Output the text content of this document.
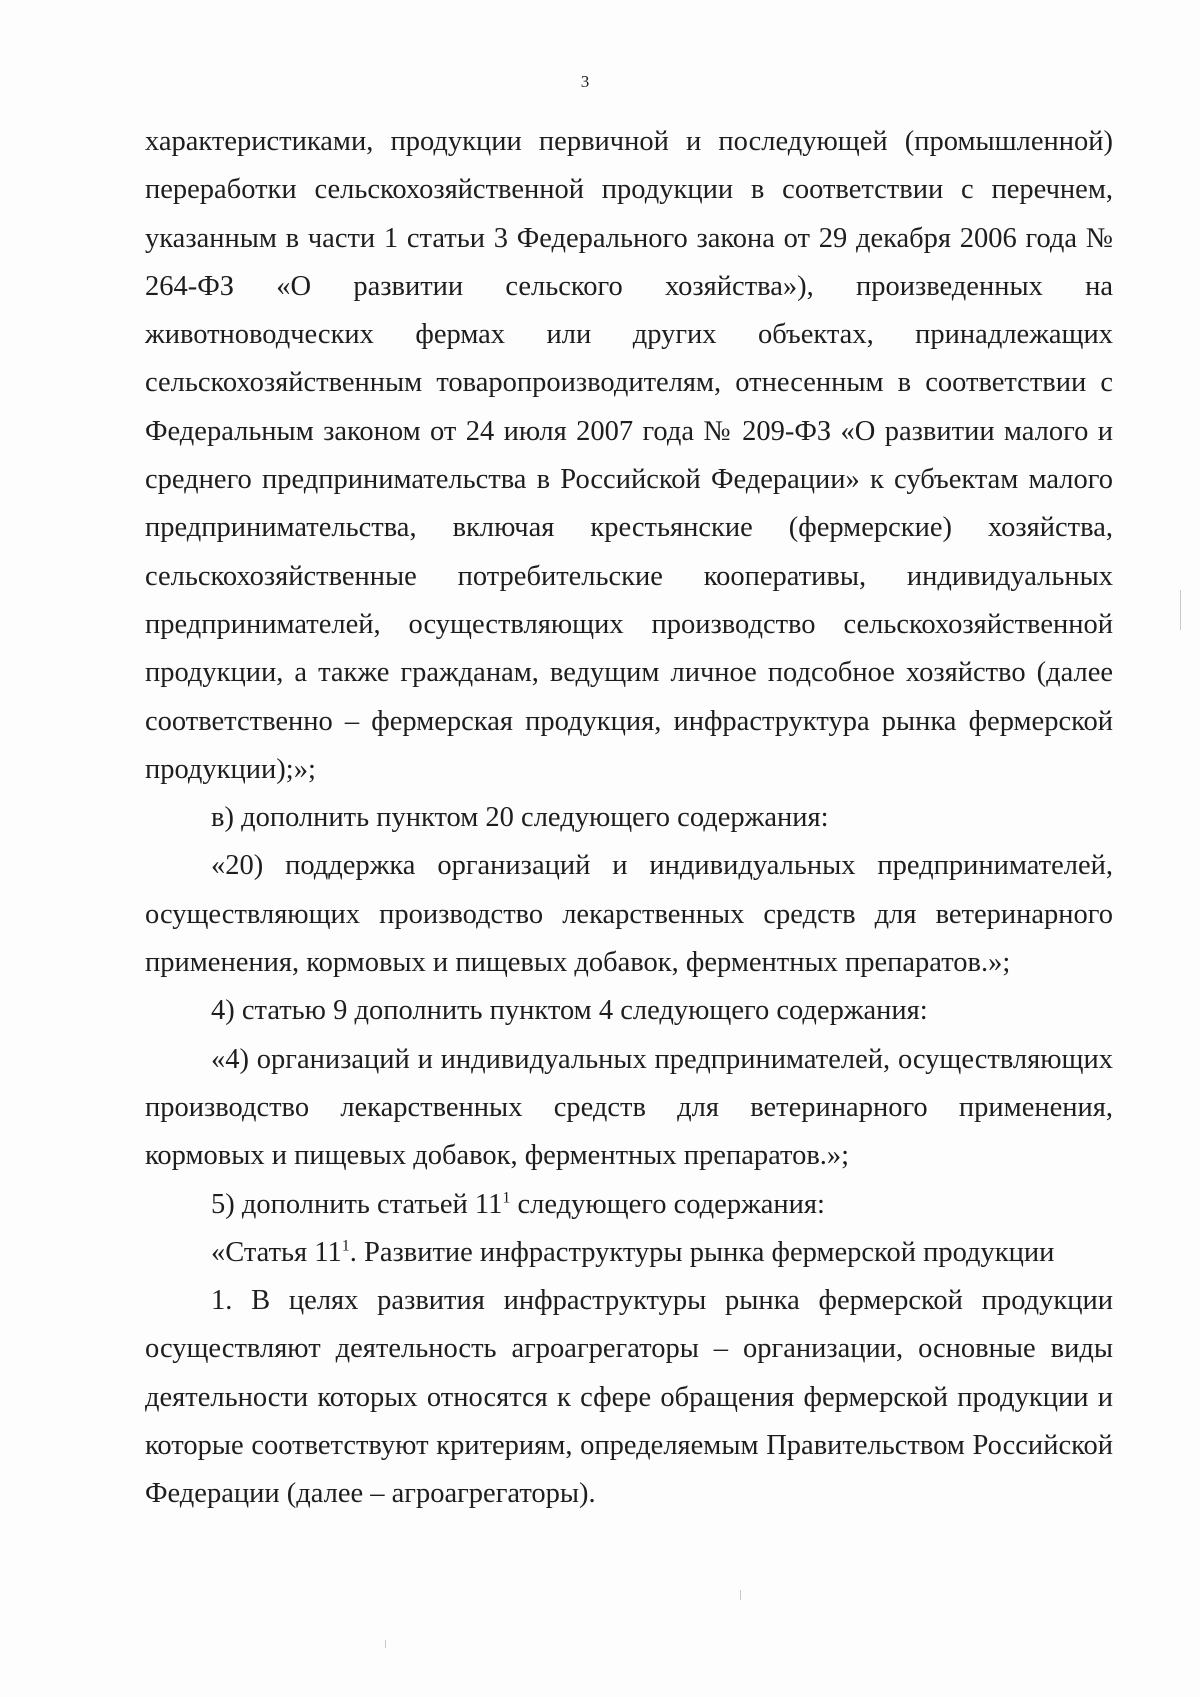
3

характеристиками, продукции первичной и последующей (промышленной) переработки сельскохозяйственной продукции в соответствии с перечнем, указанным в части 1 статьи 3 Федерального закона от 29 декабря 2006 года № 264-ФЗ «О развитии сельского хозяйства»), произведенных на животноводческих фермах или других объектах, принадлежащих сельскохозяйственным товаропроизводителям, отнесенным в соответствии с Федеральным законом от 24 июля 2007 года № 209-ФЗ «О развитии малого и среднего предпринимательства в Российской Федерации» к субъектам малого предпринимательства, включая крестьянские (фермерские) хозяйства, сельскохозяйственные потребительские кооперативы, индивидуальных предпринимателей, осуществляющих производство сельскохозяйственной продукции, а также гражданам, ведущим личное подсобное хозяйство (далее соответственно – фермерская продукция, инфраструктура рынка фермерской продукции);»;

в) дополнить пунктом 20 следующего содержания:

«20) поддержка организаций и индивидуальных предпринимателей, осуществляющих производство лекарственных средств для ветеринарного применения, кормовых и пищевых добавок, ферментных препаратов.»;

4) статью 9 дополнить пунктом 4 следующего содержания:

«4) организаций и индивидуальных предпринимателей, осуществляющих производство лекарственных средств для ветеринарного применения, кормовых и пищевых добавок, ферментных препаратов.»;

5) дополнить статьей $11^1$ следующего содержания:

«Статья $11^1$. Развитие инфраструктуры рынка фермерской продукции

1. В целях развития инфраструктуры рынка фермерской продукции осуществляют деятельность агроагрегаторы – организации, основные виды деятельности которых относятся к сфере обращения фермерской продукции и которые соответствуют критериям, определяемым Правительством Российской Федерации (далее – агроагрегаторы).
